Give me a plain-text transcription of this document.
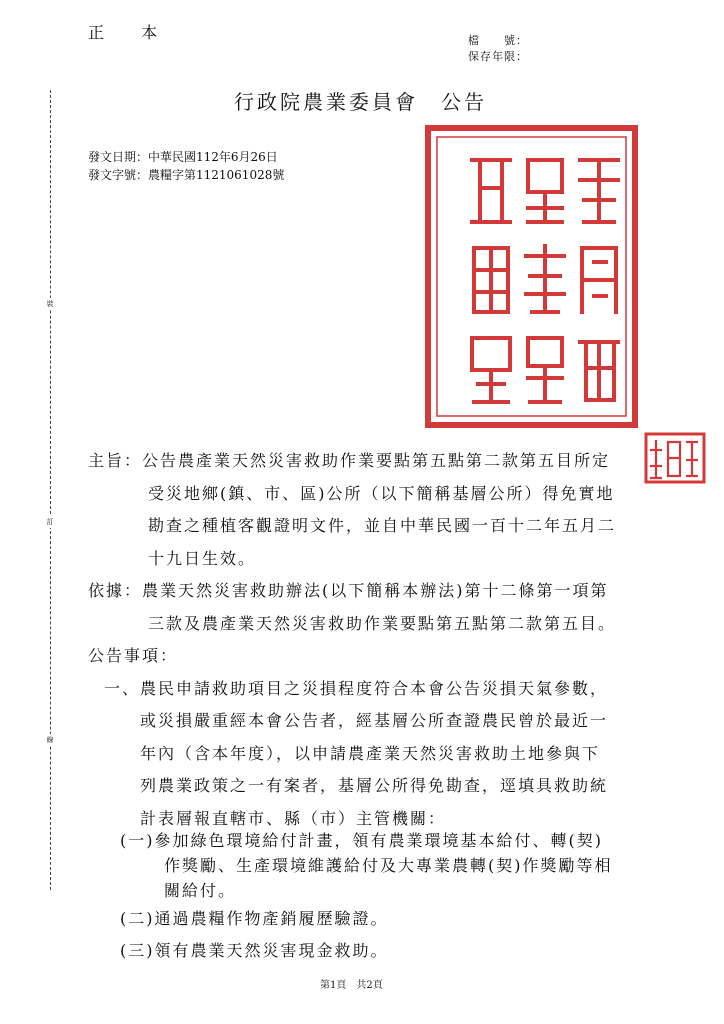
正 本	檔　　號：
保存年限：
行政院農業委員會　公告
發文日期：中華民國112年6月26日
發文字號：農糧字第1121061028號
裝
訂
線
主旨：公告農產業天然災害救助作業要點第五點第二款第五目所定
受災地鄉(鎮、市、區)公所（以下簡稱基層公所）得免實地
勘查之種植客觀證明文件，並自中華民國一百十二年五月二
十九日生效。
依據：農業天然災害救助辦法(以下簡稱本辦法)第十二條第一項第
三款及農產業天然災害救助作業要點第五點第二款第五目。
公告事項：
一、農民申請救助項目之災損程度符合本會公告災損天氣參數，
或災損嚴重經本會公告者，經基層公所查證農民曾於最近一
年內（含本年度），以申請農產業天然災害救助土地參與下
列農業政策之一有案者，基層公所得免勘查，逕填具救助統
計表層報直轄市、縣（市）主管機關：
(一)參加綠色環境給付計畫，領有農業環境基本給付、轉(契)
作獎勵、生產環境維護給付及大專業農轉(契)作獎勵等相
關給付。
(二)通過農糧作物產銷履歷驗證。
第1頁　共2頁
(三)領有農業天然災害現金救助。
